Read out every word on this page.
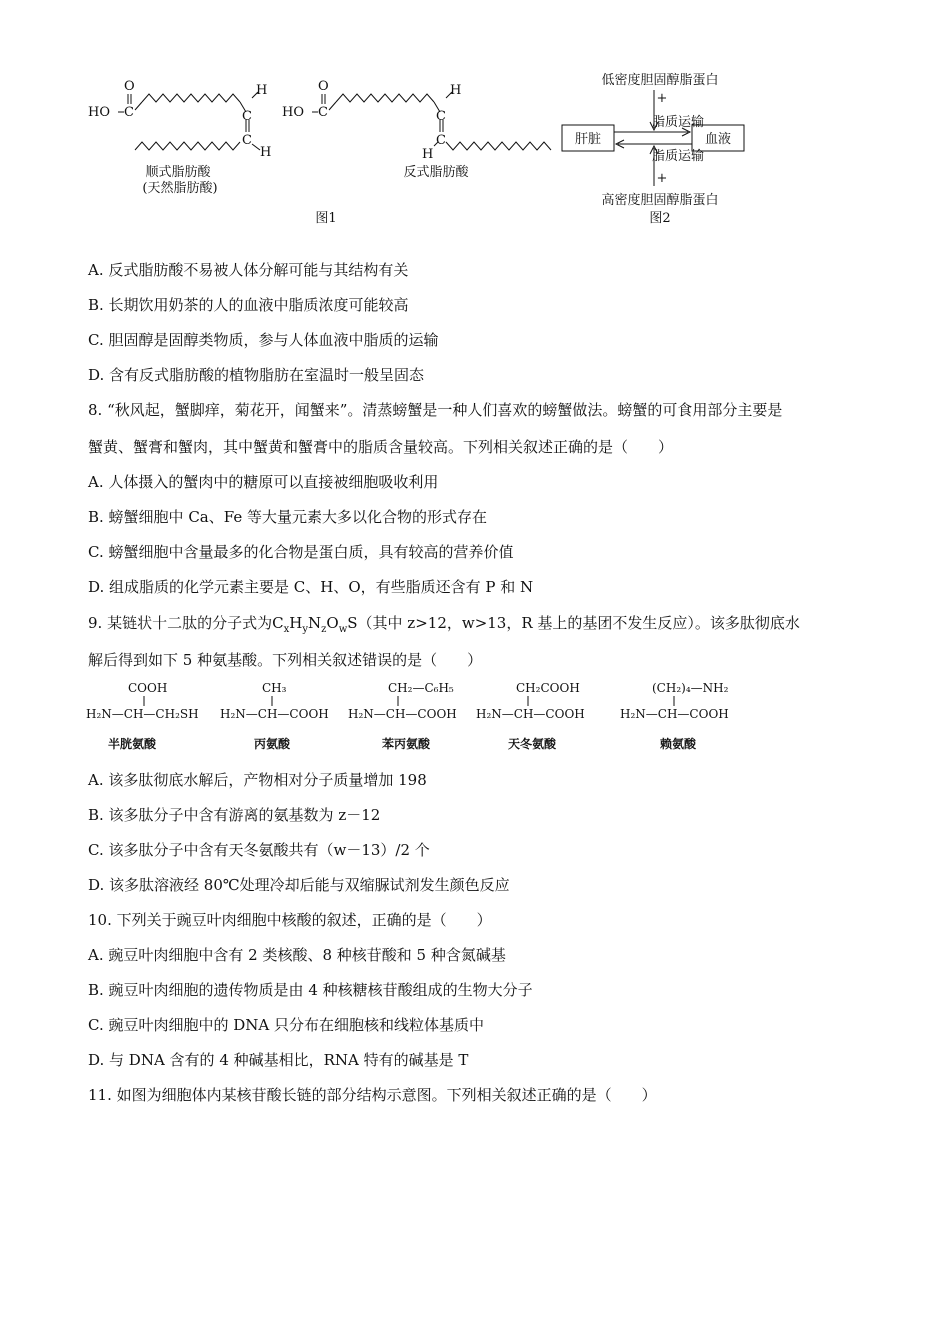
O
HO C
H
C
C
H
O
HO C
H
C
C
H
顺式脂肪酸
(天然脂肪酸)
反式脂肪酸
图1
低密度胆固醇脂蛋白
高密度胆固醇脂蛋白
图2
脂质运输
脂质运输
+
+
肝脏	血液
A. 反式脂肪酸不易被人体分解可能与其结构有关
B. 长期饮用奶茶的人的血液中脂质浓度可能较高
C. 胆固醇是固醇类物质，参与人体血液中脂质的运输
D. 含有反式脂肪酸的植物脂肪在室温时一般呈固态
8. “秋风起，蟹脚痒，菊花开，闻蟹来”。清蒸螃蟹是一种人们喜欢的螃蟹做法。螃蟹的可食用部分主要是
蟹黄、蟹膏和蟹肉，其中蟹黄和蟹膏中的脂质含量较高。下列相关叙述正确的是（　　）
A. 人体摄入的蟹肉中的糖原可以直接被细胞吸收利用
B. 螃蟹细胞中 Ca、Fe 等大量元素大多以化合物的形式存在
C. 螃蟹细胞中含量最多的化合物是蛋白质，具有较高的营养价值
D. 组成脂质的化学元素主要是 C、H、O，有些脂质还含有 P 和 N
9. 某链状十二肽的分子式为$C_xH_yN_zO_wS$（其中 z>12，w>13，R 基上的基团不发生反应）。该多肽彻底水
解后得到如下 5 种氨基酸。下列相关叙述错误的是（　　）
COOH
H₂N—CH—CH₂SH
半胱氨酸
CH₃
H₂N—CH—COOH
丙氨酸
CH₂—C₆H₅
H₂N—CH—COOH
苯丙氨酸
CH₂COOH
H₂N—CH—COOH
天冬氨酸
(CH₂)₄—NH₂
H₂N—CH—COOH
赖氨酸
A. 该多肽彻底水解后，产物相对分子质量增加 198
B. 该多肽分子中含有游离的氨基数为 z－12
C. 该多肽分子中含有天冬氨酸共有（w－13）/2 个
D. 该多肽溶液经 80℃处理冷却后能与双缩脲试剂发生颜色反应
10. 下列关于豌豆叶肉细胞中核酸的叙述，正确的是（　　）
A. 豌豆叶肉细胞中含有 2 类核酸、8 种核苷酸和 5 种含氮碱基
B. 豌豆叶肉细胞的遗传物质是由 4 种核糖核苷酸组成的生物大分子
C. 豌豆叶肉细胞中的 DNA 只分布在细胞核和线粒体基质中
D. 与 DNA 含有的 4 种碱基相比，RNA 特有的碱基是 T
11. 如图为细胞体内某核苷酸长链的部分结构示意图。下列相关叙述正确的是（　　）
